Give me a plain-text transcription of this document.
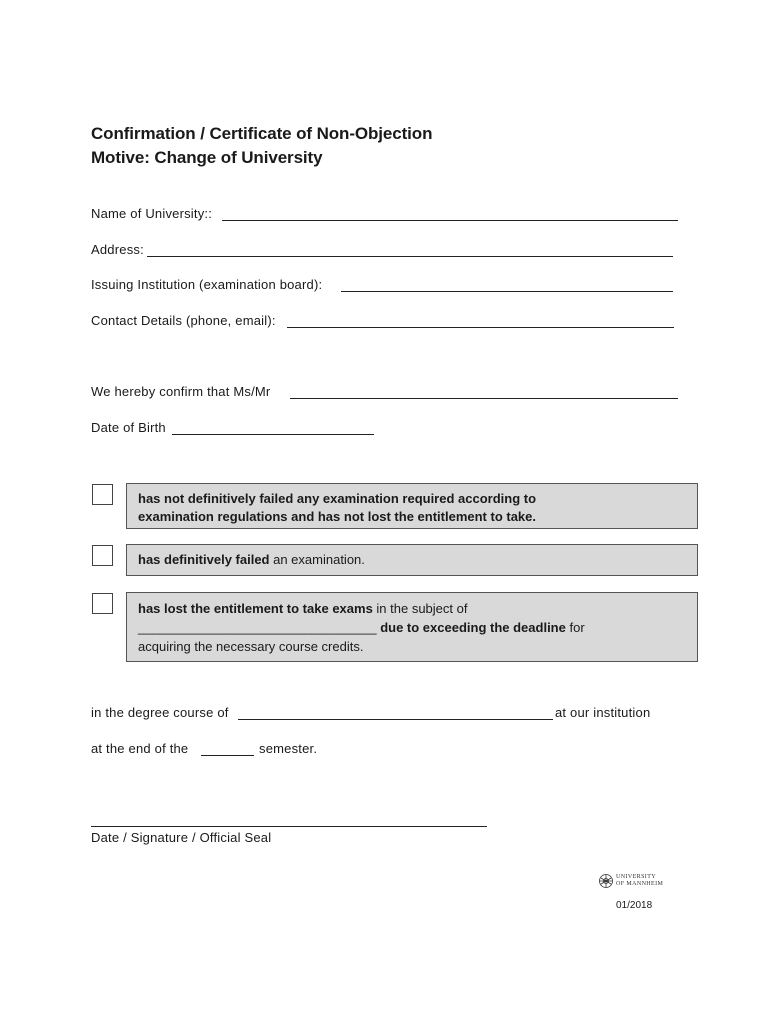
Confirmation / Certificate of Non-Objection
Motive: Change of University
Name of University::
Address:
Issuing Institution (examination board):
Contact Details (phone, email):
We hereby confirm that Ms/Mr
Date of Birth
has not definitively failed any examination required according to
examination regulations and has not lost the entitlement to take.
has definitively failed an examination.
has lost the entitlement to take exams in the subject of
_________________________________ due to exceeding the deadline for
acquiring the necessary course credits.
in the degree course of	at our institution
at the end of the	semester.
Date / Signature / Official Seal
UNIVERSITY
OF MANNHEIM
01/2018
